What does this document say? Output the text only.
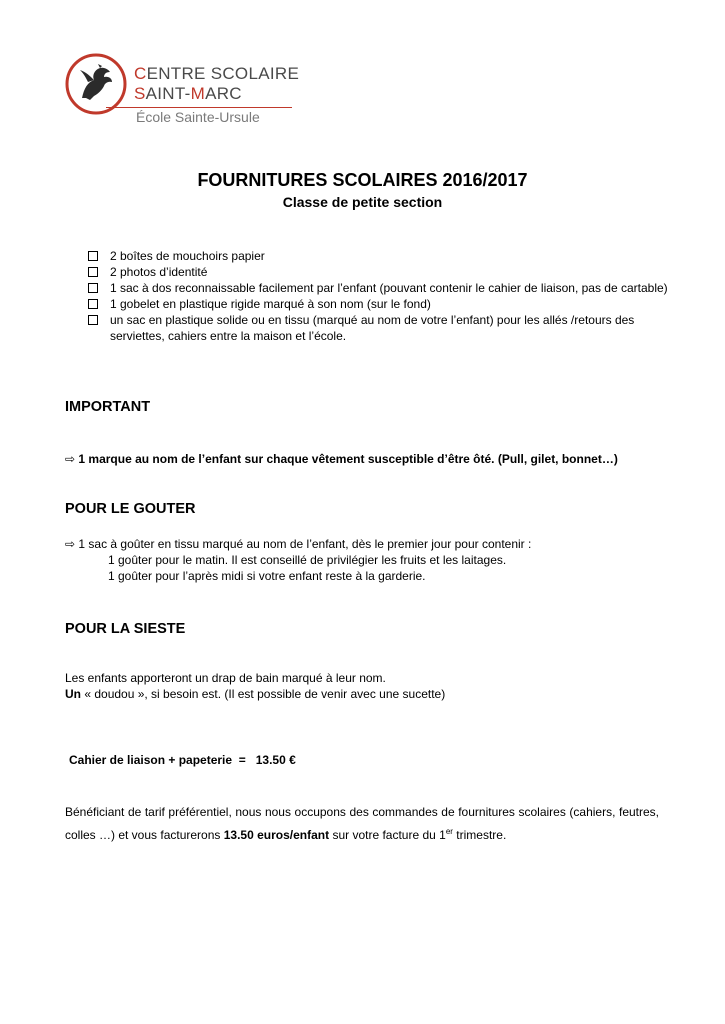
CENTRE SCOLAIRE
SAINT-MARC
École Sainte-Ursule
FOURNITURES SCOLAIRES 2016/2017
Classe de petite section
2 boîtes de mouchoirs papier
2 photos d’identité
1 sac à dos reconnaissable facilement par l’enfant (pouvant contenir le cahier de liaison, pas de cartable)
1 gobelet en plastique rigide marqué à son nom (sur le fond)
un sac en plastique solide ou en tissu (marqué au nom de votre l’enfant) pour les allés /retours des serviettes, cahiers entre la maison et l’école.
IMPORTANT
⇨ 1 marque au nom de l’enfant sur chaque vêtement susceptible d’être ôté. (Pull, gilet, bonnet…)
POUR LE GOUTER
⇨ 1 sac à goûter en tissu marqué au nom de l’enfant, dès le premier jour pour contenir :
1 goûter pour le matin. Il est conseillé de privilégier les fruits et les laitages.
1 goûter pour l’après midi si votre enfant reste à la garderie.
POUR LA SIESTE
Les enfants apporteront un drap de bain marqué à leur nom.
Un « doudou », si besoin est. (Il est possible de venir avec une sucette)
Cahier de liaison + papeterie  =   13.50 €
Bénéficiant de tarif préférentiel, nous nous occupons des commandes de fournitures scolaires (cahiers, feutres, colles …) et vous facturerons 13.50 euros/enfant sur votre facture du 1er trimestre.
